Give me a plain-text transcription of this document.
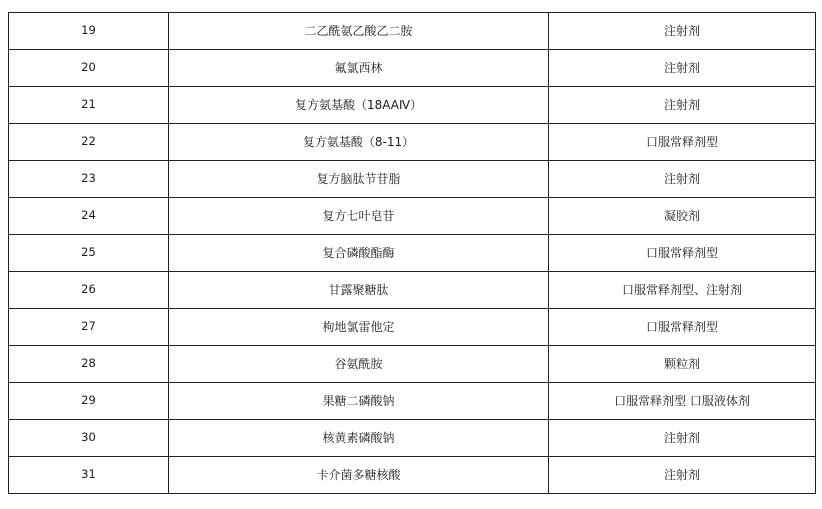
19	二乙酰氨乙酸乙二胺	注射剂
20	氟氯西林	注射剂
21	复方氨基酸（18AAⅣ）	注射剂
22	复方氨基酸（8-11）	口服常释剂型
23	复方脑肽节苷脂	注射剂
24	复方七叶皂苷	凝胶剂
25	复合磷酸酯酶	口服常释剂型
26	甘露聚糖肽	口服常释剂型、注射剂
27	枸地氯雷他定	口服常释剂型
28	谷氨酰胺	颗粒剂
29	果糖二磷酸钠	口服常释剂型 口服液体剂
30	核黄素磷酸钠	注射剂
31	卡介菌多糖核酸	注射剂
